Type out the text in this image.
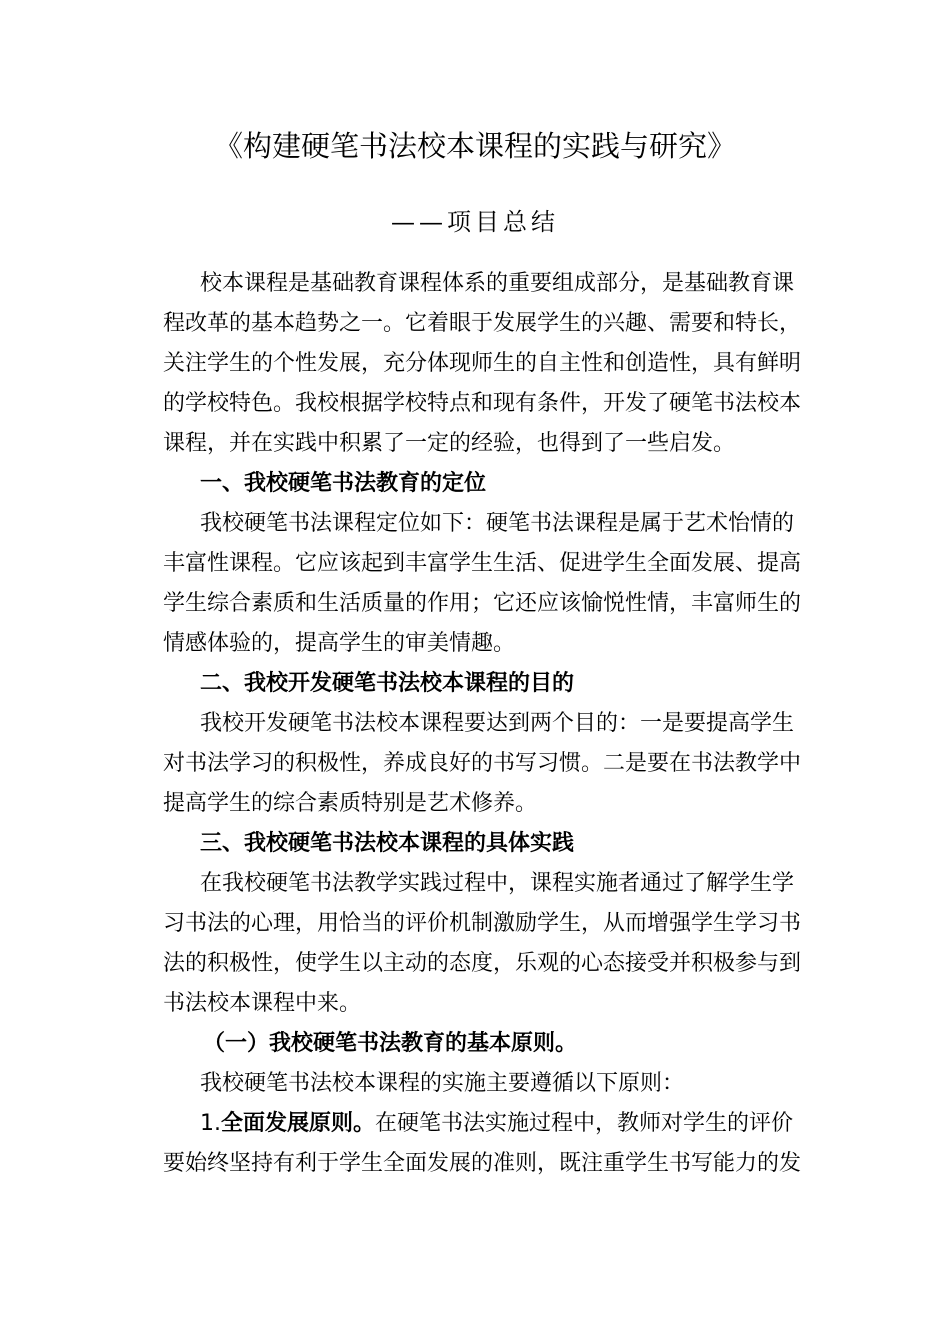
《构建硬笔书法校本课程的实践与研究》
——项目总结
校本课程是基础教育课程体系的重要组成部分，是基础教育课
程改革的基本趋势之一。它着眼于发展学生的兴趣、需要和特长，
关注学生的个性发展，充分体现师生的自主性和创造性，具有鲜明
的学校特色。我校根据学校特点和现有条件，开发了硬笔书法校本
课程，并在实践中积累了一定的经验，也得到了一些启发。
一、我校硬笔书法教育的定位
我校硬笔书法课程定位如下：硬笔书法课程是属于艺术怡情的
丰富性课程。它应该起到丰富学生生活、促进学生全面发展、提高
学生综合素质和生活质量的作用；它还应该愉悦性情，丰富师生的
情感体验的，提高学生的审美情趣。
二、我校开发硬笔书法校本课程的目的
我校开发硬笔书法校本课程要达到两个目的：一是要提高学生
对书法学习的积极性，养成良好的书写习惯。二是要在书法教学中
提高学生的综合素质特别是艺术修养。
三、我校硬笔书法校本课程的具体实践
在我校硬笔书法教学实践过程中，课程实施者通过了解学生学
习书法的心理，用恰当的评价机制激励学生，从而增强学生学习书
法的积极性，使学生以主动的态度，乐观的心态接受并积极参与到
书法校本课程中来。
（一）我校硬笔书法教育的基本原则。
我校硬笔书法校本课程的实施主要遵循以下原则：
1.全面发展原则。在硬笔书法实施过程中，教师对学生的评价
要始终坚持有利于学生全面发展的准则，既注重学生书写能力的发
